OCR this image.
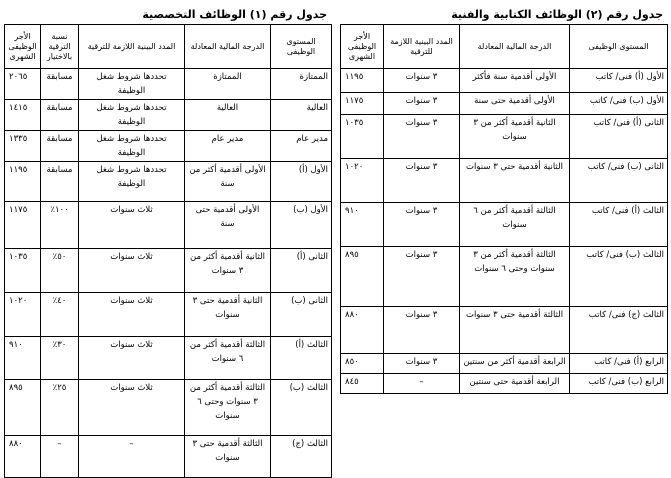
جدول رقم (١) الوظائف التخصصية
المستوى الوظيفى	الدرجة المالية المعادلة	المدد البينية اللازمة للترقية	نسبة الترقية بالاختيار	الأجر الوظيفى الشهرى
الممتازة	الممتازة	تحددها شروط شغل الوظيفة	مسابقة	٢٠٦٥
العالية	العالية	تحددها شروط شغل الوظيفة	مسابقة	١٤١٥
مدير عام	مدير عام	تحددها شروط شغل الوظيفة	مسابقة	١٣٣٥
الأول (أ)	الأولى أقدمية أكثر من سنة	تحددها شروط شغل الوظيفة	مسابقة	١١٩٥
الأول (ب)	الأولى أقدمية حتى سنة	ثلاث سنوات	١٠٠٪	١١٧٥
الثانى (أ)	الثانية أقدمية أكثر من ٣ سنوات	ثلاث سنوات	٥٠٪	١٠٣٥
الثانى (ب)	الثانية أقدمية حتى ٣ سنوات	ثلاث سنوات	٤٠٪	١٠٢٠
الثالث (أ)	الثالثة أقدمية أكثر من ٦ سنوات	ثلاث سنوات	٣٠٪	٩١٠
الثالث (ب)	الثالثة أقدمية أكثر من ٣ سنوات وحتى ٦ سنوات	ثلاث سنوات	٢٥٪	٨٩٥
الثالث (ج)	الثالثة أقدمية حتى ٣ سنوات	–	–	٨٨٠
جدول رقم (٢) الوظائف الكتابية والفنية
المستوى الوظيفى	الدرجة المالية المعادلة	المدد البينية اللازمة للترقية	الأجر الوظيفى الشهرى
الأول (أ) فنى/ كاتب	الأولى أقدمية سنة فأكثر	٣ سنوات	١١٩٥
الأول (ب) فنى/ كاتب	الأولى أقدمية حتى سنة	٣ سنوات	١١٧٥
الثانى (أ) فنى/ كاتب	الثانية أقدمية أكثر من ٣ سنوات	٣ سنوات	١٠٣٥
الثانى (ب) فنى/ كاتب	الثانية أقدمية حتى ٣ سنوات	٣ سنوات	١٠٢٠
الثالث (أ) فنى/ كاتب	الثالثة أقدمية أكثر من ٦ سنوات	٣ سنوات	٩١٠
الثالث (ب) فنى/ كاتب	الثالثة أقدمية أكثر من ٣ سنوات وحتى ٦ سنوات	٣ سنوات	٨٩٥
الثالث (ج) فنى/ كاتب	الثالثة أقدمية حتى ٣ سنوات	٣ سنوات	٨٨٠
الرابع (أ) فنى/ كاتب	الرابعة أقدمية أكثر من سنتين	٣ سنوات	٨٥٠
الرابع (ب) فنى/ كاتب	الرابعة أقدمية حتى سنتين	–	٨٤٥
